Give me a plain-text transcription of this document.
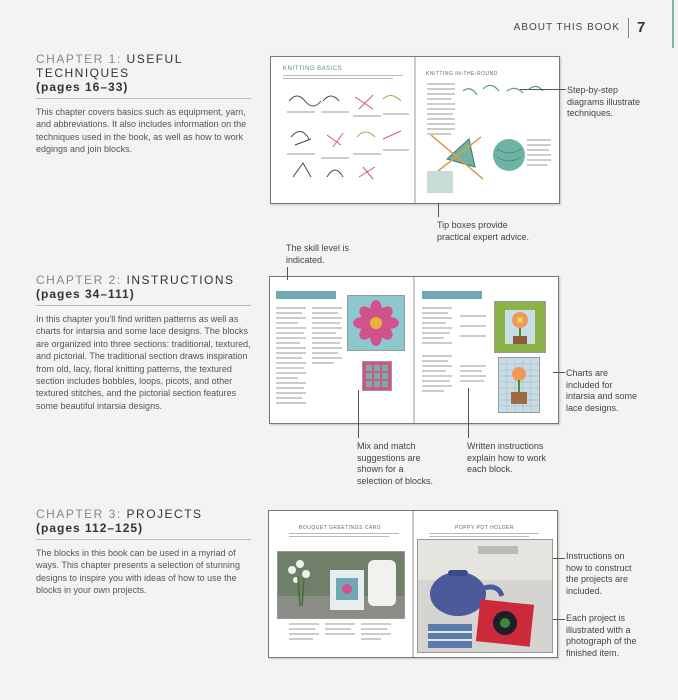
ABOUT THIS BOOK 7
CHAPTER 1: USEFUL TECHNIQUES
(pages 16–33)
This chapter covers basics such as equipment, yarn, and abbreviations. It also includes information on the techniques used in the book, as well as how to work edgings and join blocks.
CHAPTER 2: INSTRUCTIONS
(pages 34–111)
In this chapter you'll find written patterns as well as charts for intarsia and some lace designs. The blocks are organized into three sections: traditional, textured, and pictorial. The traditional section draws inspiration from old, lacy, floral knitting patterns, the textured section includes bobbles, loops, picots, and other textured stitches, and the pictorial section features some beautiful intarsia designs.
CHAPTER 3: PROJECTS
(pages 112–125)
The blocks in this book can be used in a myriad of ways. This chapter presents a selection of stunning designs to inspire you with ideas of how to use the blocks in your own projects.
KNITTING BASICS
KNITTING IN-THE-ROUND
BOUQUET GREETINGS CARD	POPPY POT HOLDER
Step-by-step diagrams illustrate techniques.
Tip boxes provide practical expert advice.
The skill level is indicated.
Charts are included for intarsia and some lace designs.
Mix and match suggestions are shown for a selection of blocks.
Written instructions explain how to work each block.
Instructions on how to construct the projects are included.
Each project is illustrated with a photograph of the finished item.
